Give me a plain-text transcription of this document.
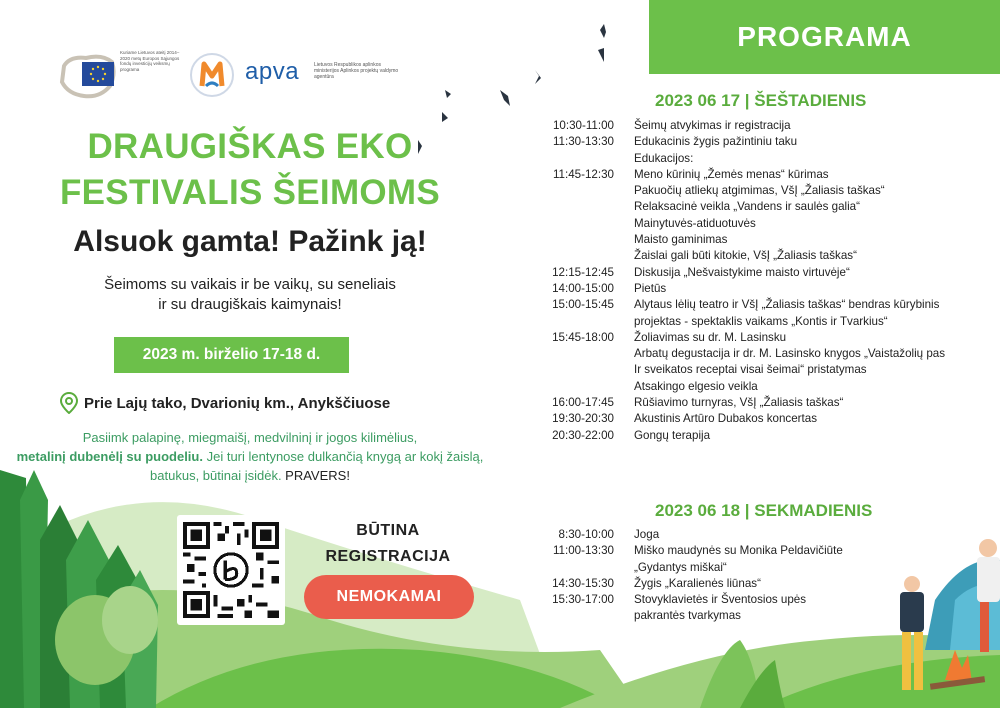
Kuriame Lietuvos ateitį 2014–2020 metų Europos Sąjungos fondų investicijų veiksmų programa	apva	Lietuvos Respublikos aplinkos ministerijos Aplinkos projektų valdymo agentūra
DRAUGIŠKAS EKO
FESTIVALIS ŠEIMOMS
Alsuok gamta! Pažink ją!
Šeimoms su vaikais ir be vaikų, su seneliais
ir su draugiškais kaimynais!
2023 m. birželio 17-18 d.
Prie Lajų tako, Dvarionių km., Anykščiuose
Pasiimk palapinę, miegmaišį, medvilninį ir jogos kilimėlius,
metalinį dubenėlį su puodeliu. Jei turi lentynose dulkančią knygą ar kokį žaislą,
batukus, būtinai įsidėk. PRAVERS!
BŪTINA
REGISTRACIJA
NEMOKAMAI
PROGRAMA
2023 06 17 | ŠEŠTADIENIS
10:30-11:00	Šeimų atvykimas ir registracija
11:30-13:30	Edukacinis žygis pažintiniu taku
Edukacijos:
11:45-12:30	Meno kūrinių „Žemės menas“ kūrimas
Pakuočių atliekų atgimimas, VšĮ „Žaliasis taškas“
Relaksacinė veikla „Vandens ir saulės galia“
Mainytuvės-atiduotuvės
Maisto gaminimas
Žaislai gali būti kitokie, VšĮ „Žaliasis taškas“
12:15-12:45	Diskusija „Nešvaistykime maisto virtuvėje“
14:00-15:00	Pietūs
15:00-15:45	Alytaus lėlių teatro ir VšĮ „Žaliasis taškas“ bendras kūrybinis
projektas - spektaklis vaikams „Kontis ir Tvarkius“
15:45-18:00	Žoliavimas su dr. M. Lasinsku
Arbatų degustacija ir dr. M. Lasinsko knygos „Vaistažolių pas
Ir sveikatos receptai visai šeimai“ pristatymas
Atsakingo elgesio veikla
16:00-17:45	Rūšiavimo turnyras, VšĮ „Žaliasis taškas“
19:30-20:30	Akustinis Artūro Dubakos koncertas
20:30-22:00	Gongų terapija
2023 06 18 | SEKMADIENIS
8:30-10:00	Joga
11:00-13:30	Miško maudynės su Monika Peldavičiūte
„Gydantys miškai“
14:30-15:30	Žygis „Karalienės liūnas“
15:30-17:00	Stovyklavietės ir Šventosios upės
pakrantės tvarkymas
